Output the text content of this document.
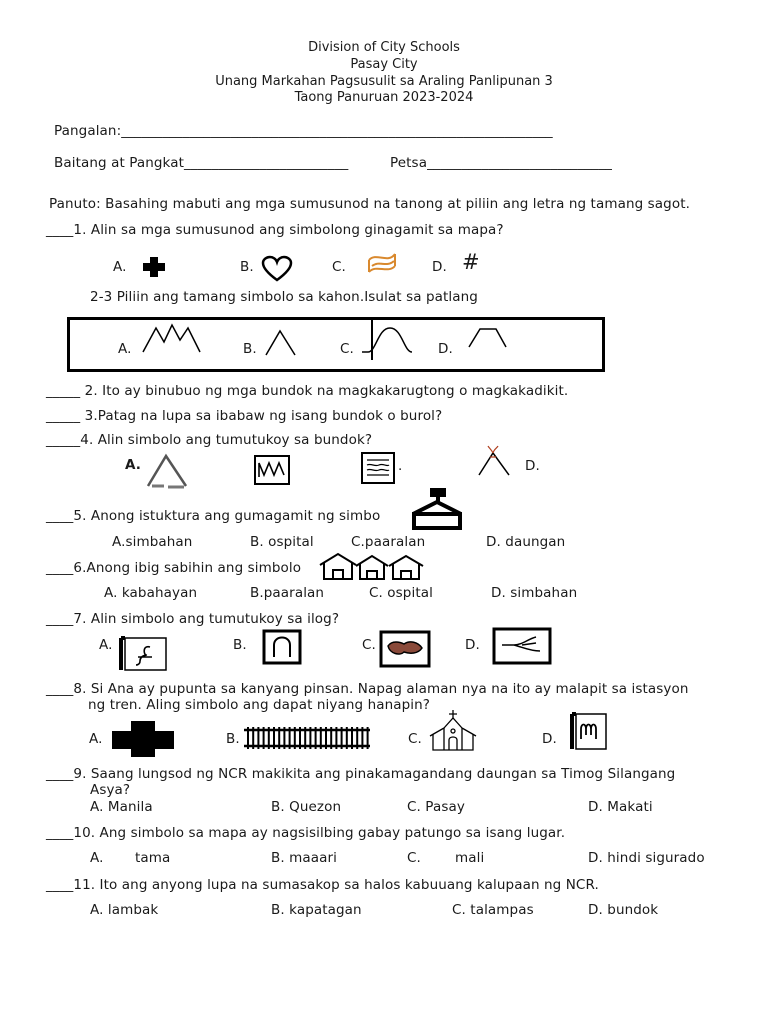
Division of City Schools
Pasay City
Unang Markahan Pagsusulit sa Araling Panlipunan 3
Taong Panuruan 2023-2024
Pangalan:_______________________________________________________________
Baitang at Pangkat________________________	Petsa___________________________
Panuto: Basahing mabuti ang mga sumusunod na tanong at piliin ang letra ng tamang sagot.
____1. Alin sa mga sumusunod ang simbolong ginagamit sa mapa?
A.	B.	C.	D. #
2-3 Piliin ang tamang simbolo sa kahon.Isulat sa patlang
A.	B.	C.	D.
_____ 2. Ito ay binubuo ng mga bundok na magkakarugtong o magkakadikit.
_____ 3.Patag na lupa sa ibabaw ng isang bundok o burol?
_____4. Alin simbolo ang tumutukoy sa bundok?
A.	.	D.
____5. Anong istuktura ang gumagamit ng simbo
A.simbahan	B. ospital	C.paaralan	D. daungan
____6.Anong ibig sabihin ang simbolo
A. kabahayan	B.paaralan	C. ospital	D. simbahan
____7. Alin simbolo ang tumutukoy sa ilog?
A.	B.	C.	D.
____8. Si Ana ay pupunta sa kanyang pinsan. Napag alaman nya na ito ay malapit sa istasyon
ng tren. Aling simbolo ang dapat niyang hanapin?
A.	B.	C.	D.
____9. Saang lungsod ng NCR makikita ang pinakamagandang daungan sa Timog Silangang
Asya?
A. Manila	B. Quezon	C. Pasay	D. Makati
____10. Ang simbolo sa mapa ay nagsisilbing gabay patungo sa isang lugar.
A. tama	B. maaari	C.	mali	D. hindi sigurado
____11. Ito ang anyong lupa na sumasakop sa halos kabuuang kalupaan ng NCR.
A. lambak	B. kapatagan	C. talampas	D. bundok
